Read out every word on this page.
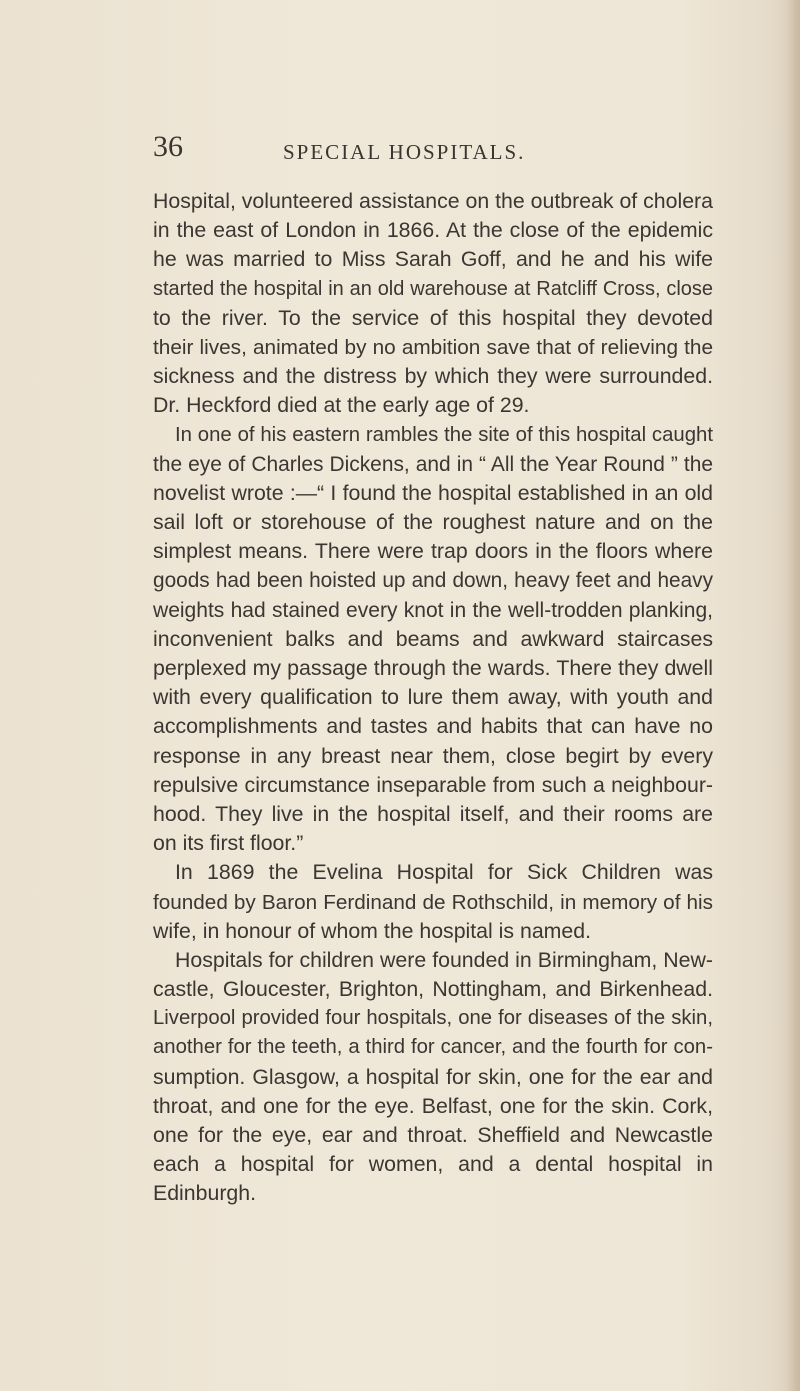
36	SPECIAL HOSPITALS.
Hospital, volunteered assistance on the outbreak of cholera
in the east of London in 1866. At the close of the epidemic
he was married to Miss Sarah Goff, and he and his wife
started the hospital in an old warehouse at Ratcliff Cross, close
to the river. To the service of this hospital they devoted
their lives, animated by no ambition save that of relieving the
sickness and the distress by which they were surrounded.
Dr. Heckford died at the early age of 29.
In one of his eastern rambles the site of this hospital caught
the eye of Charles Dickens, and in “ All the Year Round ” the
novelist wrote :—“ I found the hospital established in an old
sail loft or storehouse of the roughest nature and on the
simplest means. There were trap doors in the floors where
goods had been hoisted up and down, heavy feet and heavy
weights had stained every knot in the well-trodden planking,
inconvenient balks and beams and awkward staircases
perplexed my passage through the wards. There they dwell
with every qualification to lure them away, with youth and
accomplishments and tastes and habits that can have no
response in any breast near them, close begirt by every
repulsive circumstance inseparable from such a neighbour-
hood. They live in the hospital itself, and their rooms are
on its first floor.”
In 1869 the Evelina Hospital for Sick Children was
founded by Baron Ferdinand de Rothschild, in memory of his
wife, in honour of whom the hospital is named.
Hospitals for children were founded in Birmingham, New-
castle, Gloucester, Brighton, Nottingham, and Birkenhead.
Liverpool provided four hospitals, one for diseases of the skin,
another for the teeth, a third for cancer, and the fourth for con-
sumption. Glasgow, a hospital for skin, one for the ear and
throat, and one for the eye. Belfast, one for the skin. Cork,
one for the eye, ear and throat. Sheffield and Newcastle
each a hospital for women, and a dental hospital in
Edinburgh.
